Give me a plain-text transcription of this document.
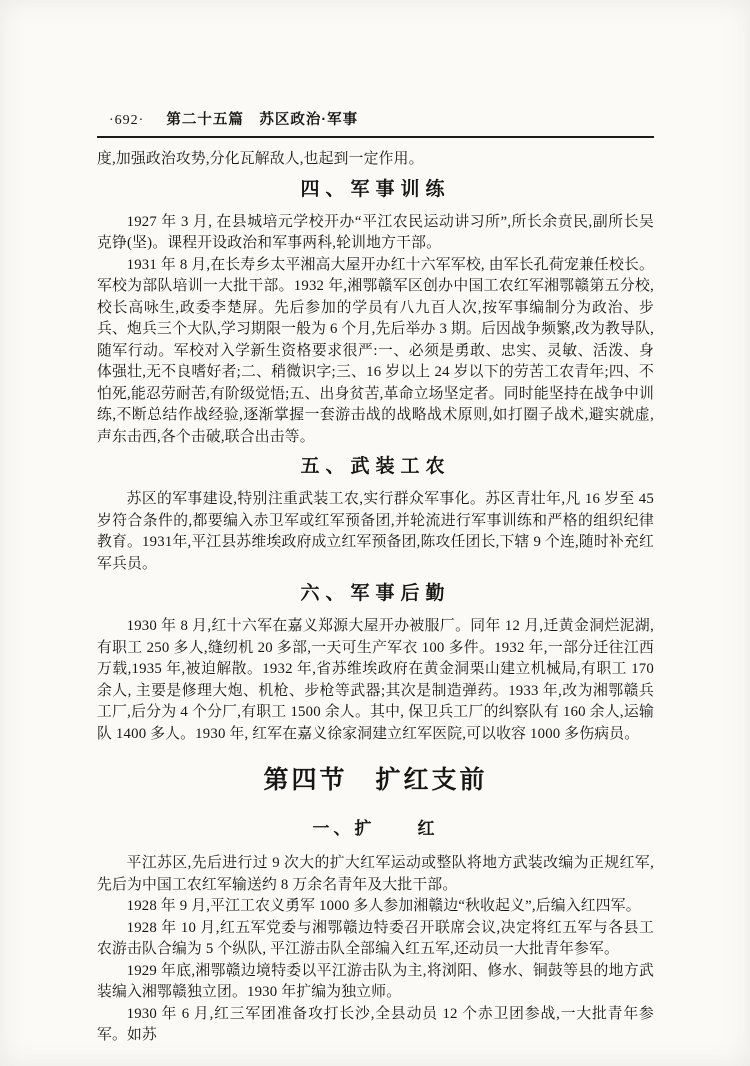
·692· 第二十五篇　苏区政治·军事

度,加强政治攻势,分化瓦解敌人,也起到一定作用。

四、军事训练

1927 年 3 月, 在县城培元学校开办“平江农民运动讲习所”,所长余贲民,副所长吴克铮(坚)。课程开设政治和军事两科,轮训地方干部。

1931 年 8 月,在长寿乡太平湘高大屋开办红十六军军校, 由军长孔荷宠兼任校长。军校为部队培训一大批干部。1932 年,湘鄂赣军区创办中国工农红军湘鄂赣第五分校,校长高咏生,政委李楚屏。先后参加的学员有八九百人次,按军事编制分为政治、步兵、炮兵三个大队,学习期限一般为 6 个月,先后举办 3 期。后因战争频繁,改为教导队,随军行动。军校对入学新生资格要求很严:一、必须是勇敢、忠实、灵敏、活泼、身体强壮,无不良嗜好者;二、稍微识字;三、16 岁以上 24 岁以下的劳苦工农青年;四、不怕死,能忍劳耐苦,有阶级觉悟;五、出身贫苦,革命立场坚定者。同时能坚持在战争中训练,不断总结作战经验,逐渐掌握一套游击战的战略战术原则,如打圈子战术,避实就虚,声东击西,各个击破,联合出击等。

五、武装工农

苏区的军事建设,特别注重武装工农,实行群众军事化。苏区青壮年,凡 16 岁至 45 岁符合条件的,都要编入赤卫军或红军预备团,并轮流进行军事训练和严格的组织纪律教育。1931年,平江县苏维埃政府成立红军预备团,陈攻任团长,下辖 9 个连,随时补充红军兵员。

六、军事后勤

1930 年 8 月,红十六军在嘉义郑源大屋开办被服厂。同年 12 月,迁黄金洞烂泥湖,有职工 250 多人,缝纫机 20 多部,一天可生产军衣 100 多件。1932 年,一部分迁往江西万载,1935 年,被迫解散。1932 年,省苏维埃政府在黄金洞栗山建立机械局,有职工 170 余人, 主要是修理大炮、机枪、步枪等武器;其次是制造弹药。1933 年,改为湘鄂赣兵工厂,后分为 4 个分厂,有职工 1500 余人。其中, 保卫兵工厂的纠察队有 160 余人,运输队 1400 多人。1930 年, 红军在嘉义徐家洞建立红军医院,可以收容 1000 多伤病员。

第四节　扩红支前
一、扩　　红

平江苏区,先后进行过 9 次大的扩大红军运动或整队将地方武装改编为正规红军, 先后为中国工农红军输送约 8 万余名青年及大批干部。

1928 年 9 月,平江工农义勇军 1000 多人参加湘赣边“秋收起义”,后编入红四军。

1928 年 10 月,红五军党委与湘鄂赣边特委召开联席会议,决定将红五军与各县工农游击队合编为 5 个纵队, 平江游击队全部编入红五军,还动员一大批青年参军。

1929 年底,湘鄂赣边境特委以平江游击队为主,将浏阳、修水、铜鼓等县的地方武装编入湘鄂赣独立团。1930 年扩编为独立师。

1930 年 6 月,红三军团准备攻打长沙,全县动员 12 个赤卫团参战,一大批青年参军。如苏
